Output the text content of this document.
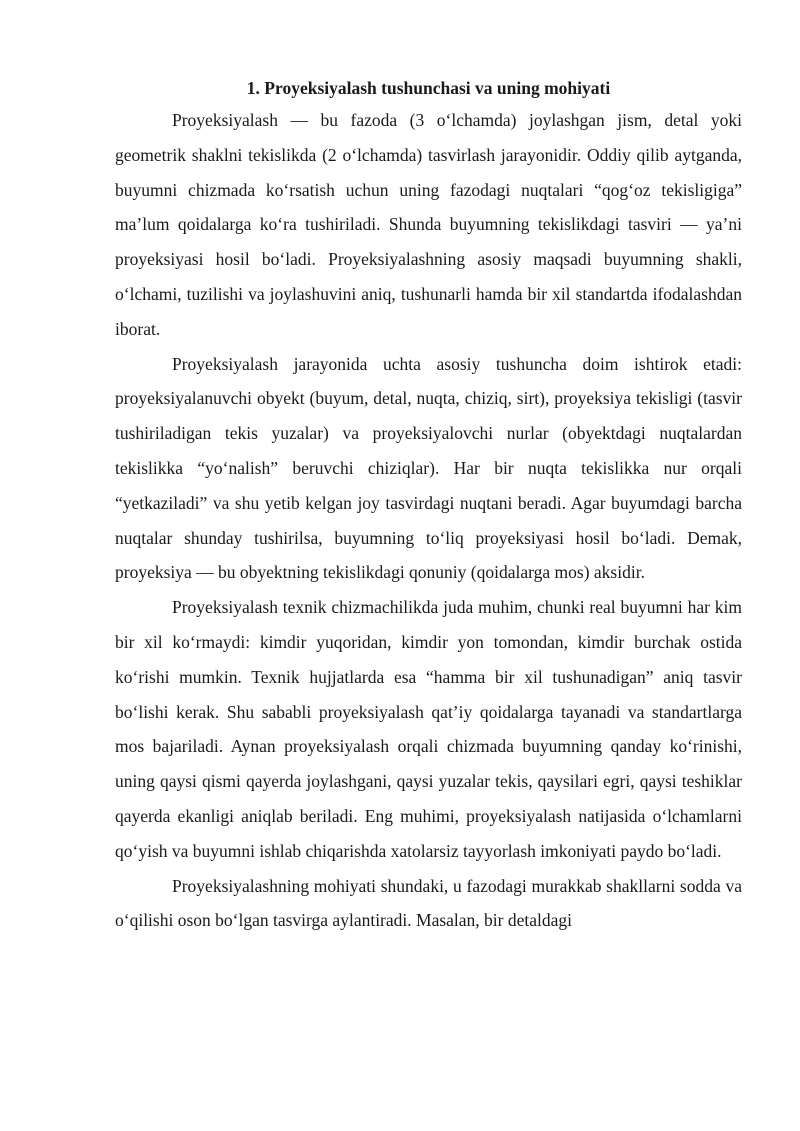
1. Proyeksiyalash tushunchasi va uning mohiyati

Proyeksiyalash — bu fazoda (3 o‘lchamda) joylashgan jism, detal yoki geometrik shaklni tekislikda (2 o‘lchamda) tasvirlash jarayonidir. Oddiy qilib aytganda, buyumni chizmada ko‘rsatish uchun uning fazodagi nuqtalari “qog‘oz tekisligiga” ma’lum qoidalarga ko‘ra tushiriladi. Shunda buyumning tekislikdagi tasviri — ya’ni proyeksiyasi hosil bo‘ladi. Proyeksiyalashning asosiy maqsadi buyumning shakli, o‘lchami, tuzilishi va joylashuvini aniq, tushunarli hamda bir xil standartda ifodalashdan iborat.

Proyeksiyalash jarayonida uchta asosiy tushuncha doim ishtirok etadi: proyeksiyalanuvchi obyekt (buyum, detal, nuqta, chiziq, sirt), proyeksiya tekisligi (tasvir tushiriladigan tekis yuzalar) va proyeksiyalovchi nurlar (obyektdagi nuqtalardan tekislikka “yo‘nalish” beruvchi chiziqlar). Har bir nuqta tekislikka nur orqali “yetkaziladi” va shu yetib kelgan joy tasvirdagi nuqtani beradi. Agar buyumdagi barcha nuqtalar shunday tushirilsa, buyumning to‘liq proyeksiyasi hosil bo‘ladi. Demak, proyeksiya — bu obyektning tekislikdagi qonuniy (qoidalarga mos) aksidir.

Proyeksiyalash texnik chizmachilikda juda muhim, chunki real buyumni har kim bir xil ko‘rmaydi: kimdir yuqoridan, kimdir yon tomondan, kimdir burchak ostida ko‘rishi mumkin. Texnik hujjatlarda esa “hamma bir xil tushunadigan” aniq tasvir bo‘lishi kerak. Shu sababli proyeksiyalash qat’iy qoidalarga tayanadi va standartlarga mos bajariladi. Aynan proyeksiyalash orqali chizmada buyumning qanday ko‘rinishi, uning qaysi qismi qayerda joylashgani, qaysi yuzalar tekis, qaysilari egri, qaysi teshiklar qayerda ekanligi aniqlab beriladi. Eng muhimi, proyeksiyalash natijasida o‘lchamlarni qo‘yish va buyumni ishlab chiqarishda xatolarsiz tayyorlash imkoniyati paydo bo‘ladi.

Proyeksiyalashning mohiyati shundaki, u fazodagi murakkab shakllarni sodda va o‘qilishi oson bo‘lgan tasvirga aylantiradi. Masalan, bir detaldagi
